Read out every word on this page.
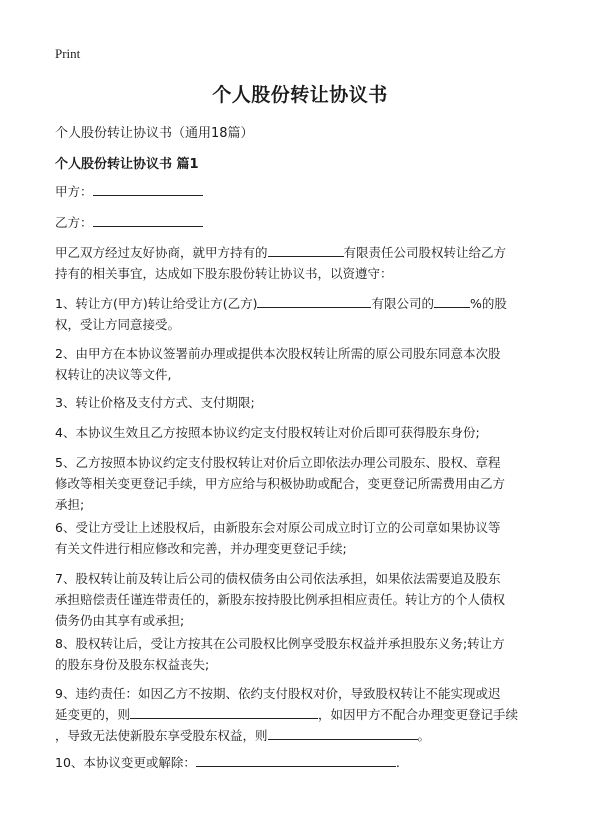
Print
个人股份转让协议书
个人股份转让协议书（通用18篇）
个人股份转让协议书 篇1
甲方：
乙方：
甲乙双方经过友好协商，就甲方持有的	有限责任公司股权转让给乙方
持有的相关事宜，达成如下股东股份转让协议书，以资遵守：
1、转让方(甲方)转让给受让方(乙方)	有限公司的	%的股
权，受让方同意接受。
2、由甲方在本协议签署前办理或提供本次股权转让所需的原公司股东同意本次股
权转让的决议等文件,
3、转让价格及支付方式、支付期限;
4、本协议生效且乙方按照本协议约定支付股权转让对价后即可获得股东身份;
5、乙方按照本协议约定支付股权转让对价后立即依法办理公司股东、股权、章程
修改等相关变更登记手续，甲方应给与积极协助或配合，变更登记所需费用由乙方
承担;
6、受让方受让上述股权后，由新股东会对原公司成立时订立的公司章如果协议等
有关文件进行相应修改和完善，并办理变更登记手续;
7、股权转让前及转让后公司的债权债务由公司依法承担，如果依法需要追及股东
承担赔偿责任谨连带责任的，新股东按持股比例承担相应责任。转让方的个人债权
债务仍由其享有或承担;
8、股权转让后，受让方按其在公司股权比例享受股东权益并承担股东义务;转让方
的股东身份及股东权益丧失;
9、违约责任：如因乙方不按期、依约支付股权对价，导致股权转让不能实现或迟
延变更的，则	，如因甲方不配合办理变更登记手续
，导致无法使新股东享受股东权益，则	。
10、本协议变更或解除：	.
